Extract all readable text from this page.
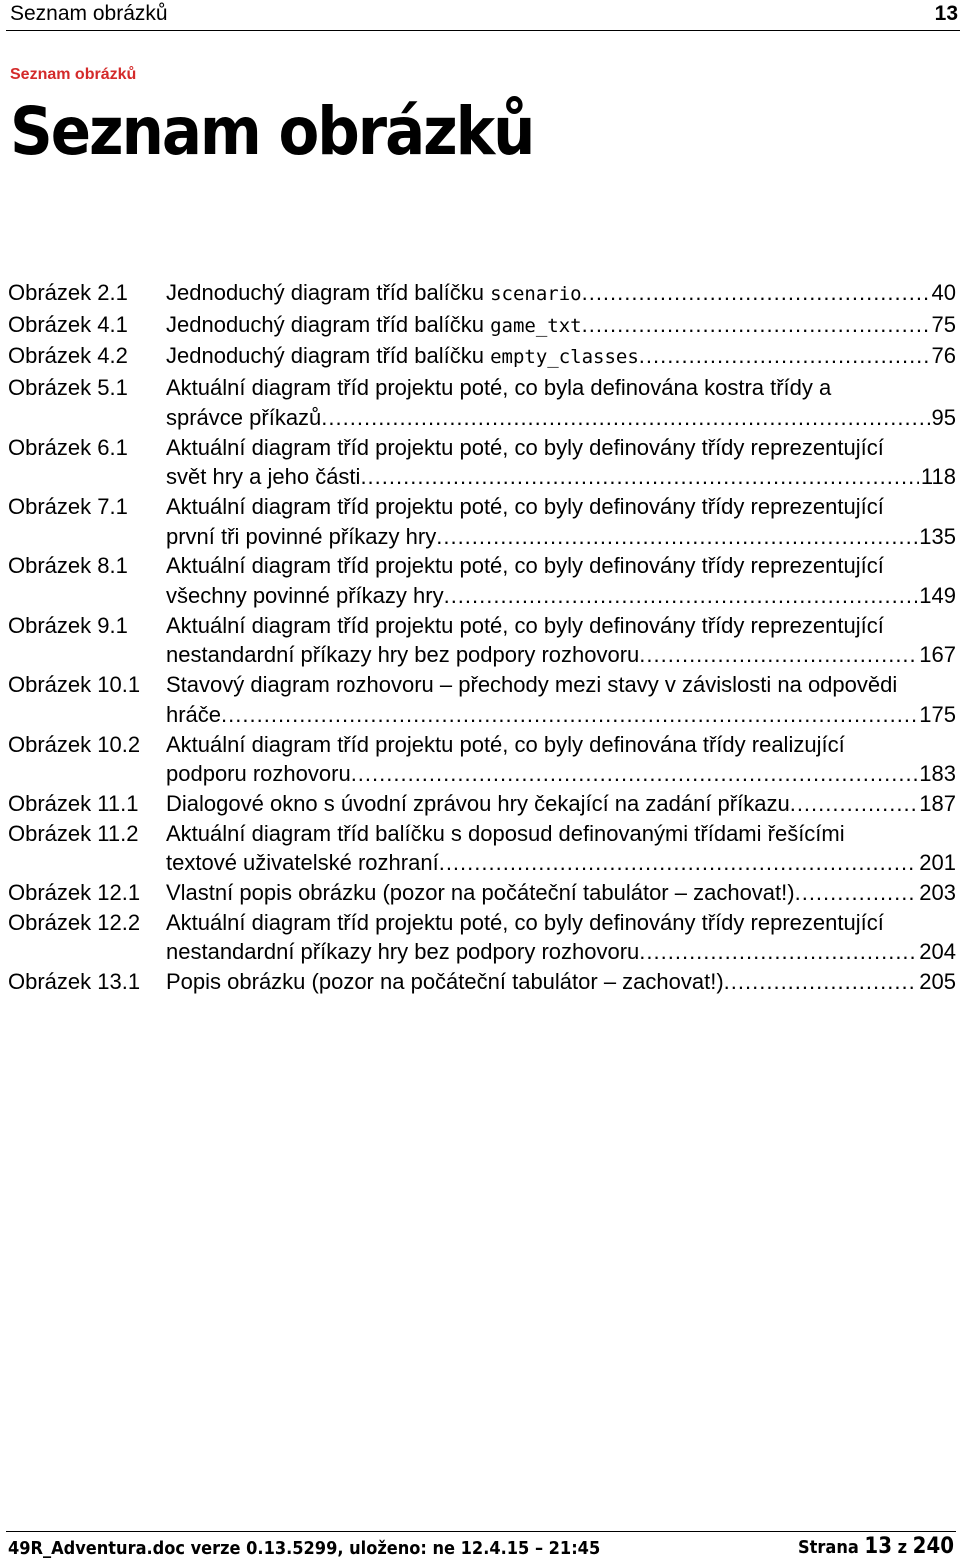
Seznam obrázků	13
Seznam obrázků
Seznam obrázků
Obrázek 2.1	Jednoduchý diagram tříd balíčku scenario .....	40
Obrázek 4.1	Jednoduchý diagram tříd balíčku game_txt .....	75
Obrázek 4.2	Jednoduchý diagram tříd balíčku empty_classes .....	76
Obrázek 5.1	Aktuální diagram tříd projektu poté, co byla definována kostra třídy a
správce příkazů .....	95
Obrázek 6.1	Aktuální diagram tříd projektu poté, co byly definovány třídy reprezentující
svět hry a jeho části .....	118
Obrázek 7.1	Aktuální diagram tříd projektu poté, co byly definovány třídy reprezentující
první tři povinné příkazy hry .....	135
Obrázek 8.1	Aktuální diagram tříd projektu poté, co byly definovány třídy reprezentující
všechny povinné příkazy hry .....	149
Obrázek 9.1	Aktuální diagram tříd projektu poté, co byly definovány třídy reprezentující
nestandardní příkazy hry bez podpory rozhovoru .....	167
Obrázek 10.1	Stavový diagram rozhovoru – přechody mezi stavy v závislosti na odpovědi
hráče .....	175
Obrázek 10.2	Aktuální diagram tříd projektu poté, co byly definována třídy realizující
podporu rozhovoru .....	183
Obrázek 11.1	Dialogové okno s úvodní zprávou hry čekající na zadání příkazu .....	187
Obrázek 11.2	Aktuální diagram tříd balíčku s doposud definovanými třídami řešícími
textové uživatelské rozhraní .....	201
Obrázek 12.1	Vlastní popis obrázku (pozor na počáteční tabulátor – zachovat!) .....	203
Obrázek 12.2	Aktuální diagram tříd projektu poté, co byly definovány třídy reprezentující
nestandardní příkazy hry bez podpory rozhovoru .....	204
Obrázek 13.1	Popis obrázku (pozor na počáteční tabulátor – zachovat!) .....	205
49R_Adventura.doc verze 0.13.5299, uloženo: ne 12.4.15 – 21:45	Strana 13 z 240
